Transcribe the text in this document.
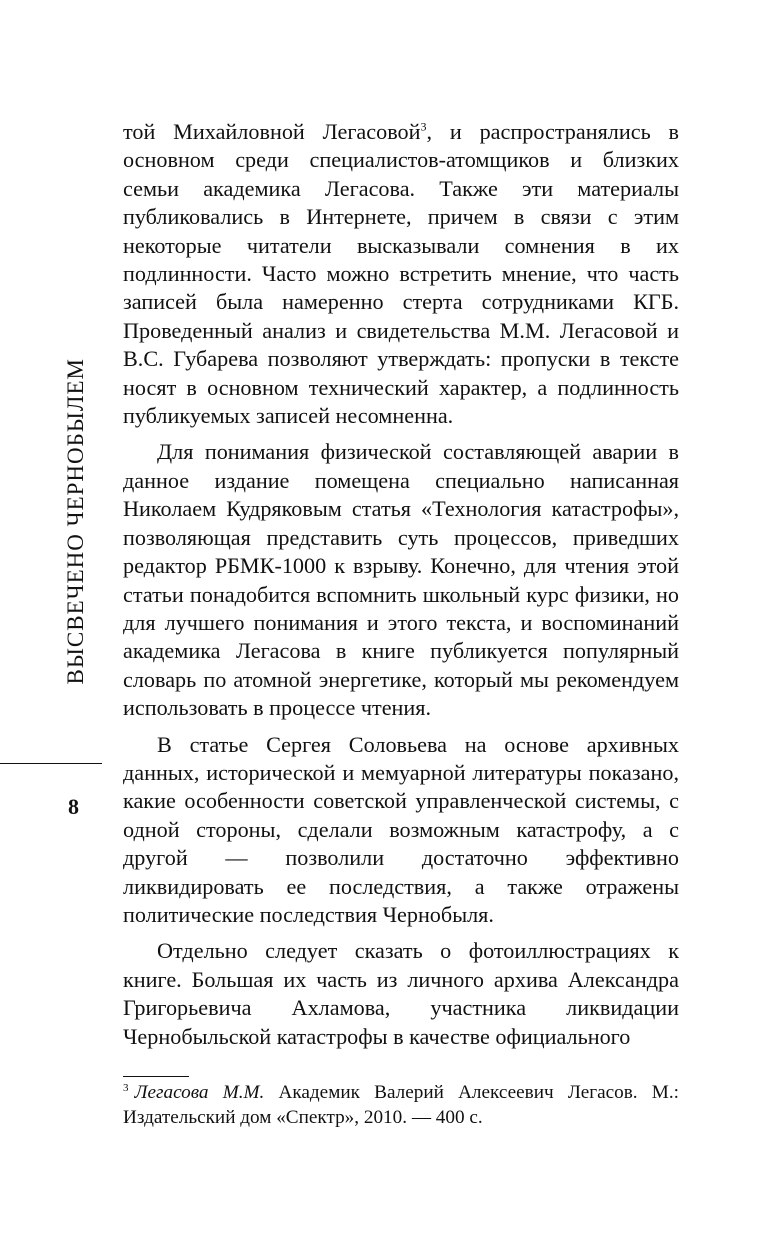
ВЫСВЕЧЕНО ЧЕРНОБЫЛЕМ
8

той Михайловной Легасовой$^3$, и распространялись в основном среди специалистов-атомщиков и близких семьи академика Легасова. Также эти материалы публиковались в Интернете, причем в связи с этим некоторые читатели высказывали сомнения в их подлинности. Часто можно встретить мнение, что часть записей была намеренно стерта сотрудниками КГБ. Проведенный анализ и свидетельства М.М. Легасовой и В.С. Губарева позволяют утверждать: пропуски в тексте носят в основном технический характер, а подлинность публикуемых записей несомненна.

Для понимания физической составляющей аварии в данное издание помещена специально написанная Николаем Кудряковым статья «Технология катастрофы», позволяющая представить суть процессов, приведших редактор РБМК-1000 к взрыву. Конечно, для чтения этой статьи понадобится вспомнить школьный курс физики, но для лучшего понимания и этого текста, и воспоминаний академика Легасова в книге публикуется популярный словарь по атомной энергетике, который мы рекомендуем использовать в процессе чтения.

В статье Сергея Соловьева на основе архивных данных, исторической и мемуарной литературы показано, какие особенности советской управленческой системы, с одной стороны, сделали возможным катастрофу, а с другой — позволили достаточно эффективно ликвидировать ее последствия, а также отражены политические последствия Чернобыля.

Отдельно следует сказать о фотоиллюстрациях к книге. Большая их часть из личного архива Александра Григорьевича Ахламова, участника ликвидации Чернобыльской катастрофы в качестве официального

$^3$ Легасова М.М. Академик Валерий Алексеевич Легасов. М.: Издательский дом «Спектр», 2010. — 400 с.
